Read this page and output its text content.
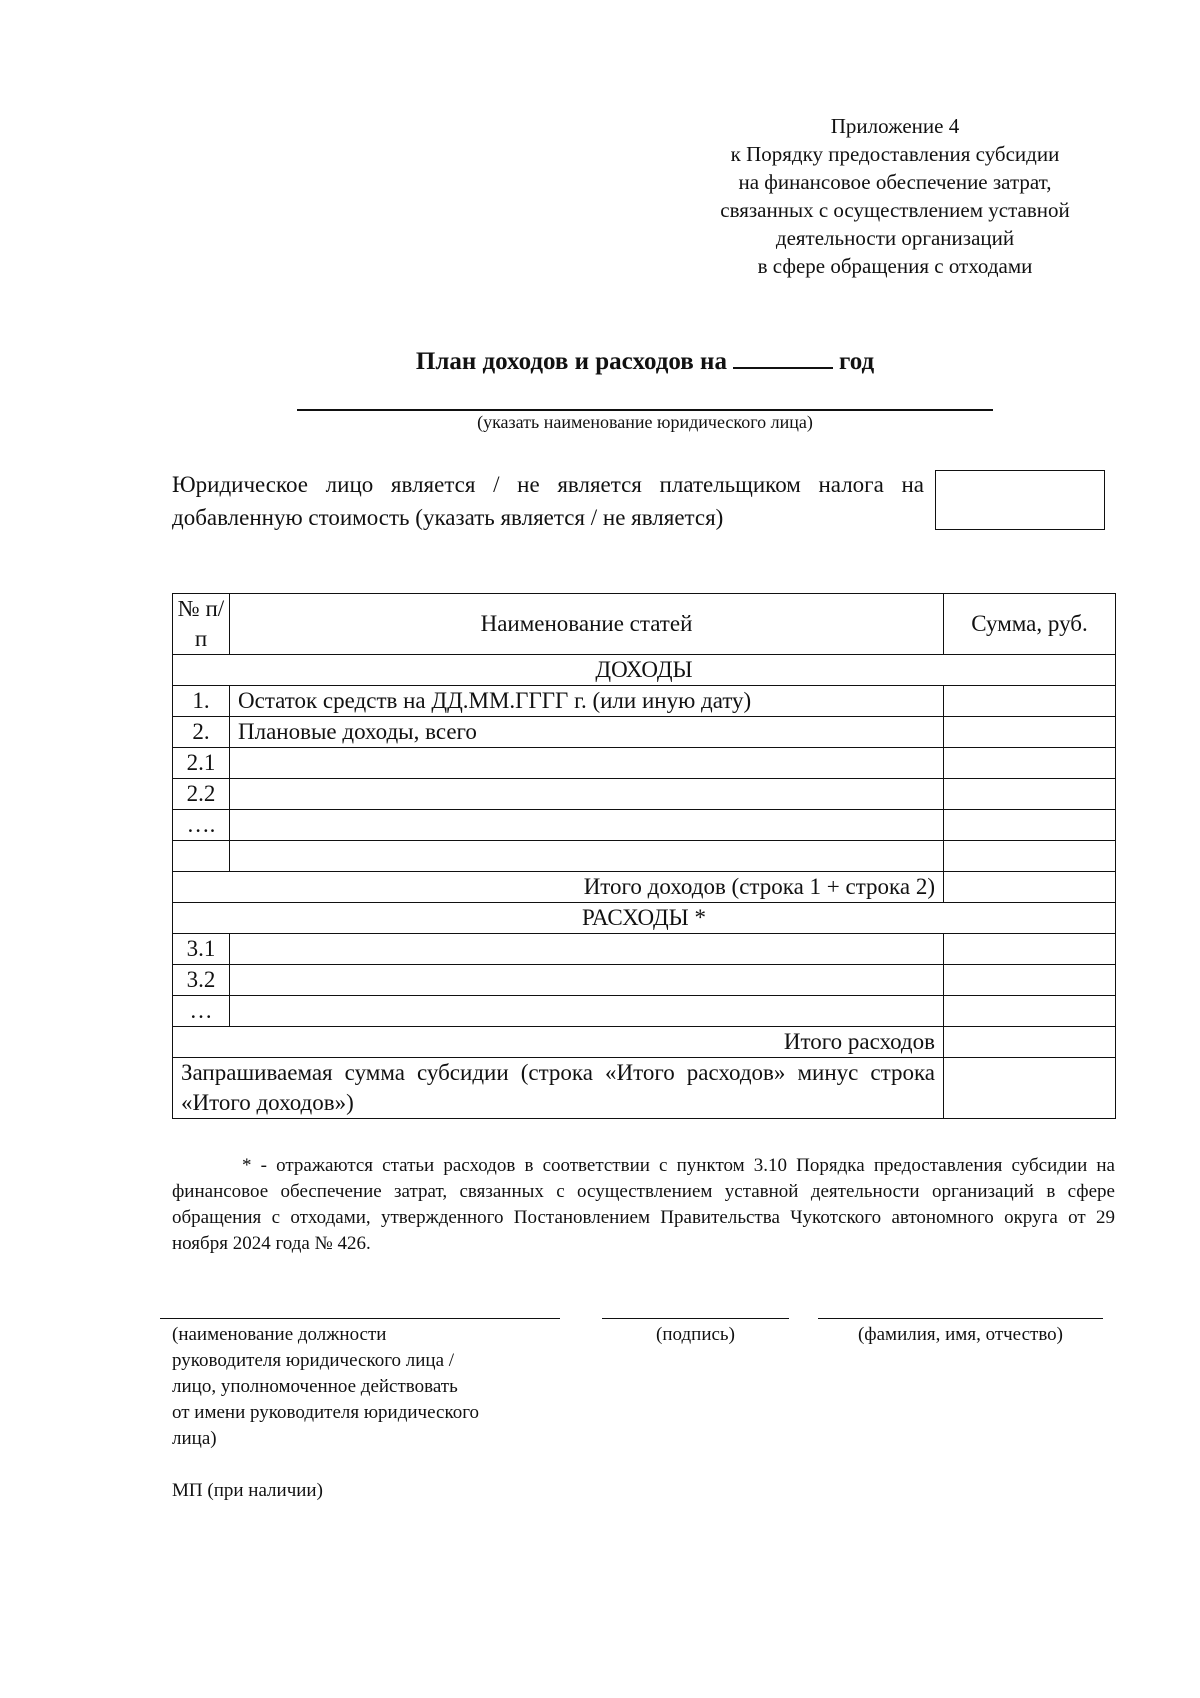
Приложение 4
к Порядку предоставления субсидии
на финансовое обеспечение затрат,
связанных с осуществлением уставной
деятельности организаций
в сфере обращения с отходами
План доходов и расходов на	год
(указать наименование юридического лица)
Юридическое лицо является / не является плательщиком налога на добавленную стоимость (указать является / не является)
№ п/п	Наименование статей	Сумма, руб.
ДОХОДЫ		
1.	Остаток средств на ДД.ММ.ГГГГ г. (или иную дату)	
2.	Плановые доходы, всего	
2.1		
2.2		
….		

Итого доходов (строка 1 + строка 2)		
РАСХОДЫ *		
3.1		
3.2		
…		
Итого расходов		
Запрашиваемая сумма субсидии (строка «Итого расходов» минус строка «Итого доходов»)		
* - отражаются статьи расходов в соответствии с пунктом 3.10 Порядка предоставления субсидии на финансовое обеспечение затрат, связанных с осуществлением уставной деятельности организаций в сфере обращения с отходами, утвержденного Постановлением Правительства Чукотского автономного округа от 29 ноября 2024 года № 426.
(наименование должности
руководителя юридического лица /
лицо, уполномоченное действовать
от имени руководителя юридического
лица)
(подпись)	(фамилия, имя, отчество)
МП (при наличии)
